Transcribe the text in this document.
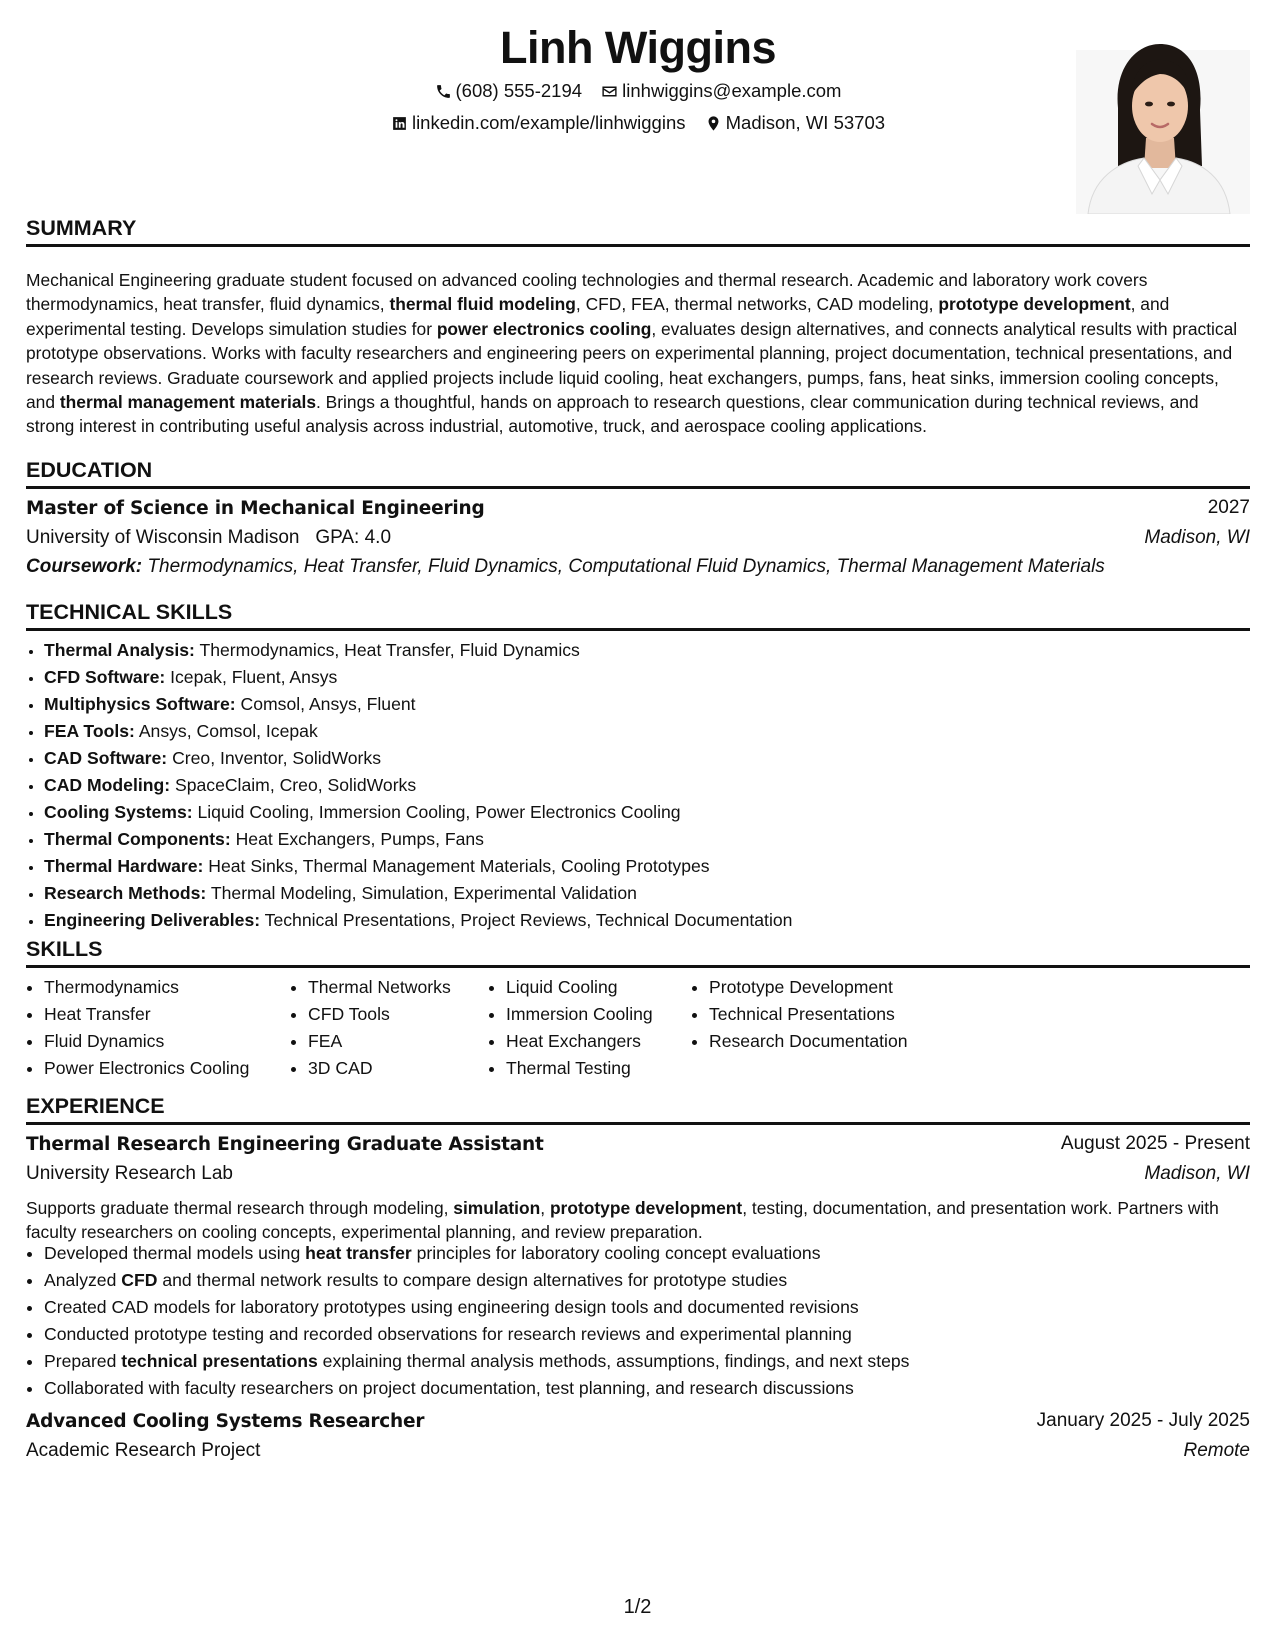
Linh Wiggins
(608) 555-2194
linhwiggins@example.com
linkedin.com/example/linhwiggins
Madison, WI 53703
SUMMARY
Mechanical Engineering graduate student focused on advanced cooling technologies and thermal research. Academic and laboratory work covers thermodynamics, heat transfer, fluid dynamics, thermal fluid modeling, CFD, FEA, thermal networks, CAD modeling, prototype development, and experimental testing. Develops simulation studies for power electronics cooling, evaluates design alternatives, and connects analytical results with practical prototype observations. Works with faculty researchers and engineering peers on experimental planning, project documentation, technical presentations, and research reviews. Graduate coursework and applied projects include liquid cooling, heat exchangers, pumps, fans, heat sinks, immersion cooling concepts, and thermal management materials. Brings a thoughtful, hands on approach to research questions, clear communication during technical reviews, and strong interest in contributing useful analysis across industrial, automotive, truck, and aerospace cooling applications.
EDUCATION
Master of Science in Mechanical Engineering	2027
University of Wisconsin Madison GPA: 4.0	Madison, WI
Coursework: Thermodynamics, Heat Transfer, Fluid Dynamics, Computational Fluid Dynamics, Thermal Management Materials
TECHNICAL SKILLS
• Thermal Analysis: Thermodynamics, Heat Transfer, Fluid Dynamics
• CFD Software: Icepak, Fluent, Ansys
• Multiphysics Software: Comsol, Ansys, Fluent
• FEA Tools: Ansys, Comsol, Icepak
• CAD Software: Creo, Inventor, SolidWorks
• CAD Modeling: SpaceClaim, Creo, SolidWorks
• Cooling Systems: Liquid Cooling, Immersion Cooling, Power Electronics Cooling
• Thermal Components: Heat Exchangers, Pumps, Fans
• Thermal Hardware: Heat Sinks, Thermal Management Materials, Cooling Prototypes
• Research Methods: Thermal Modeling, Simulation, Experimental Validation
• Engineering Deliverables: Technical Presentations, Project Reviews, Technical Documentation
SKILLS
• Thermodynamics
• Heat Transfer
• Fluid Dynamics
• Power Electronics Cooling
• Thermal Networks
• CFD Tools
• FEA
• 3D CAD
• Liquid Cooling
• Immersion Cooling
• Heat Exchangers
• Thermal Testing
• Prototype Development
• Technical Presentations
• Research Documentation
EXPERIENCE
Thermal Research Engineering Graduate Assistant	August 2025 - Present
University Research Lab	Madison, WI
Supports graduate thermal research through modeling, simulation, prototype development, testing, documentation, and presentation work. Partners with faculty researchers on cooling concepts, experimental planning, and review preparation.
• Developed thermal models using heat transfer principles for laboratory cooling concept evaluations
• Analyzed CFD and thermal network results to compare design alternatives for prototype studies
• Created CAD models for laboratory prototypes using engineering design tools and documented revisions
• Conducted prototype testing and recorded observations for research reviews and experimental planning
• Prepared technical presentations explaining thermal analysis methods, assumptions, findings, and next steps
• Collaborated with faculty researchers on project documentation, test planning, and research discussions
Advanced Cooling Systems Researcher	January 2025 - July 2025
Academic Research Project	Remote
1/2
